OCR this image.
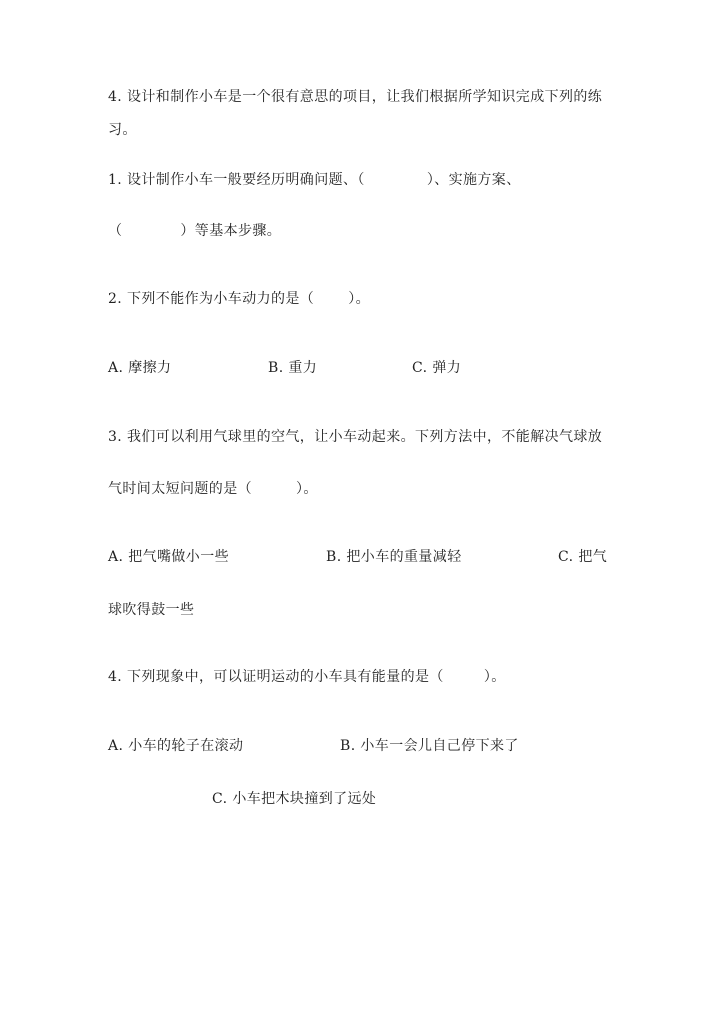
4. 设计和制作小车是一个很有意思的项目，让我们根据所学知识完成下列的练
习。
1. 设计制作小车一般要经历明确问题、（	）、实施方案、
（	）等基本步骤。
2. 下列不能作为小车动力的是（ ）。
A. 摩擦力	B. 重力	C. 弹力
3. 我们可以利用气球里的空气，让小车动起来。下列方法中，不能解决气球放
气时间太短问题的是（	）。
A. 把气嘴做小一些	B. 把小车的重量减轻	C. 把气
球吹得鼓一些
4. 下列现象中，可以证明运动的小车具有能量的是（	）。
A. 小车的轮子在滚动	B. 小车一会儿自己停下来了
C. 小车把木块撞到了远处
